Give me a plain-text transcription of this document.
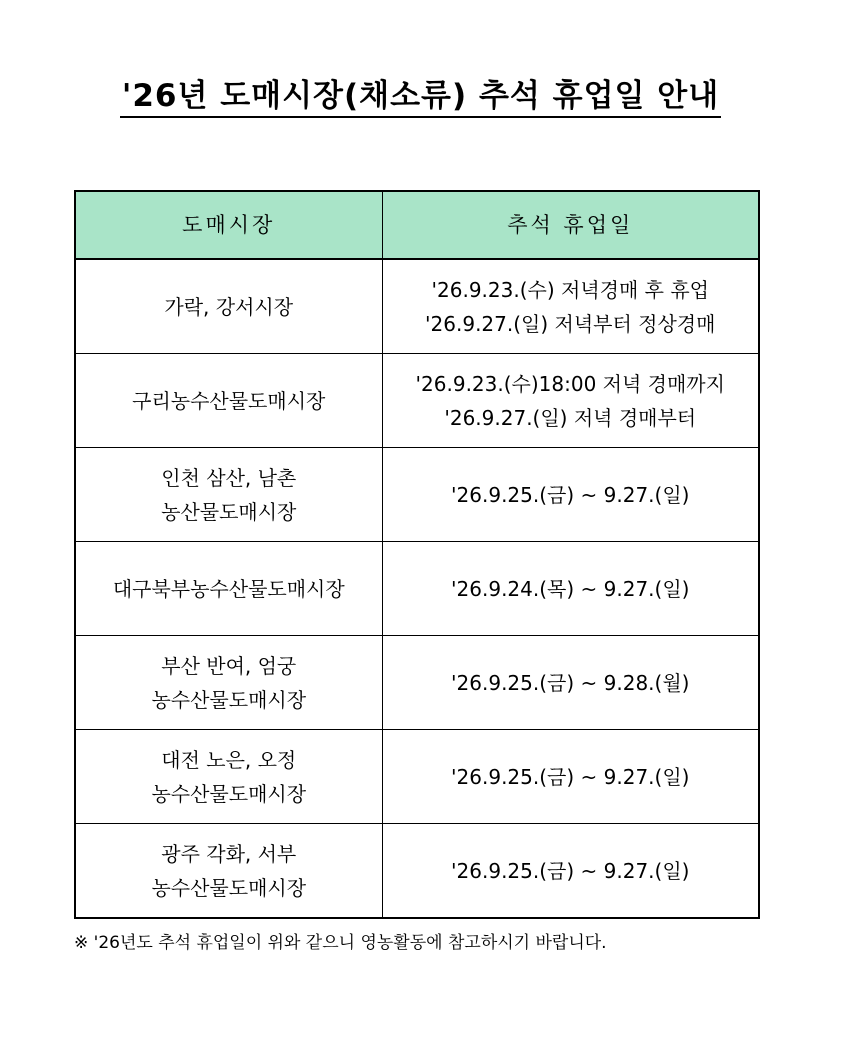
'26년 도매시장(채소류) 추석 휴업일 안내
도매시장	추석 휴업일

가락, 강서시장	'26.9.23.(수) 저녁경매 후 휴업
'26.9.27.(일) 저녁부터 정상경매

구리농수산물도매시장	'26.9.23.(수)18:00 저녁 경매까지
'26.9.27.(일) 저녁 경매부터

인천 삼산, 남촌
농산물도매시장	'26.9.25.(금) ~ 9.27.(일)

대구북부농수산물도매시장	'26.9.24.(목) ~ 9.27.(일)

부산 반여, 엄궁
농수산물도매시장	'26.9.25.(금) ~ 9.28.(월)

대전 노은, 오정
농수산물도매시장	'26.9.25.(금) ~ 9.27.(일)

광주 각화, 서부
농수산물도매시장	'26.9.25.(금) ~ 9.27.(일)
※ '26년도 추석 휴업일이 위와 같으니 영농활동에 참고하시기 바랍니다.
